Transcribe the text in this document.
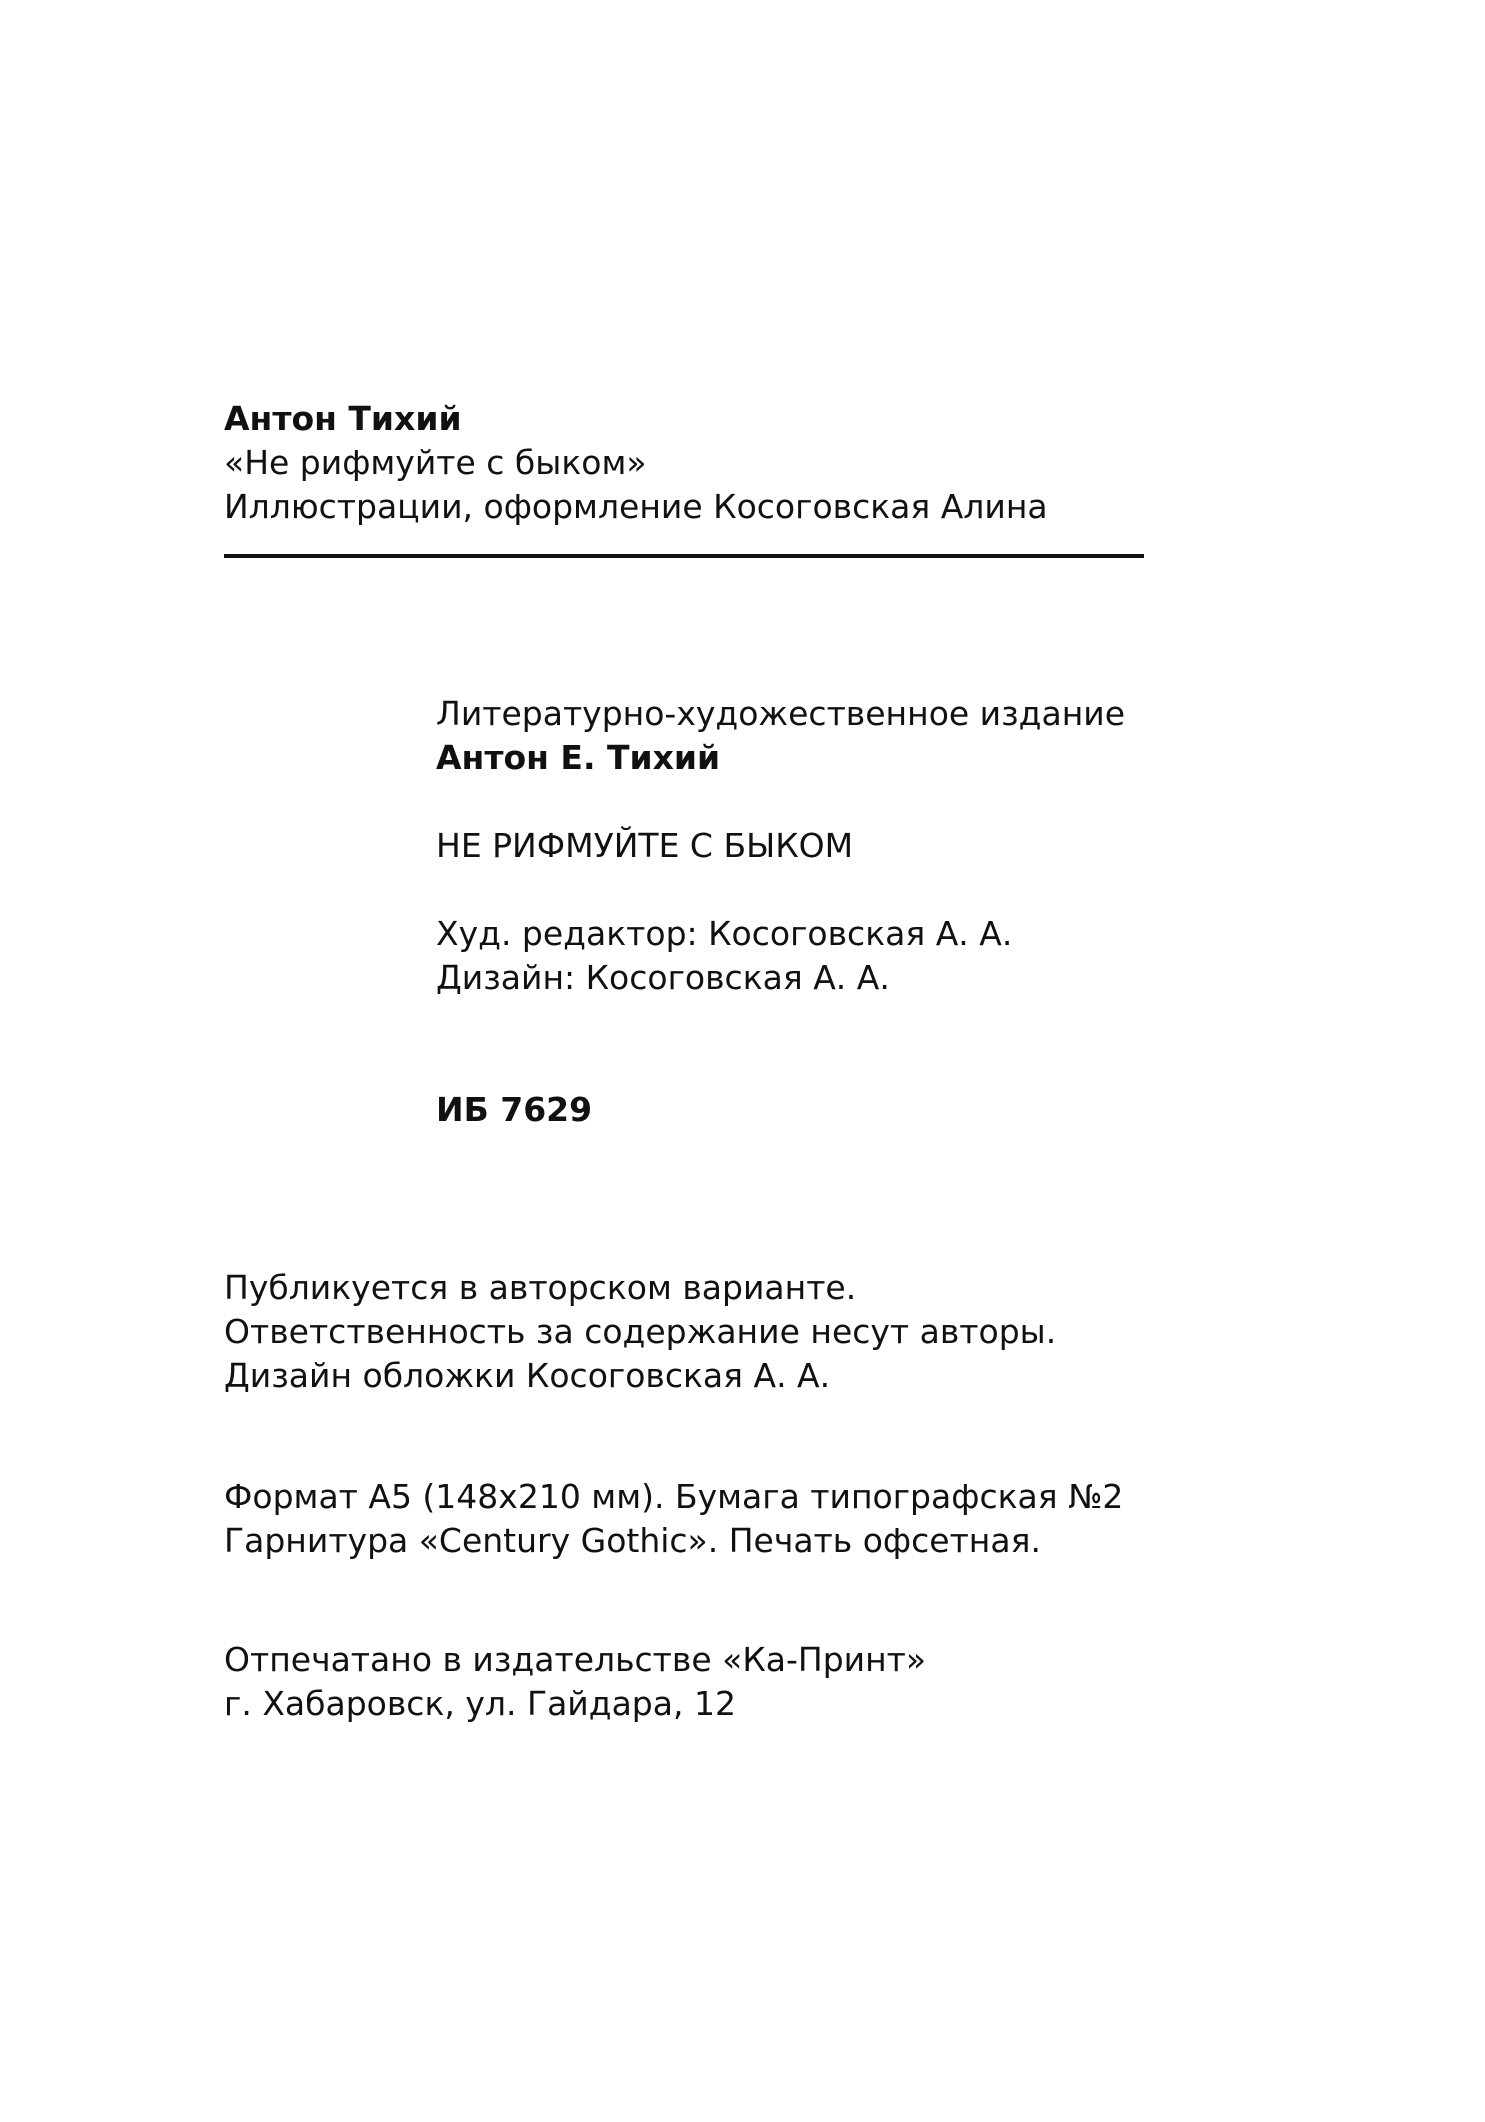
Антон Тихий
«Не рифмуйте с быком»
Иллюстрации, оформление Косоговская Алина
Литературно-художественное издание
Антон Е. Тихий
НЕ РИФМУЙТЕ С БЫКОМ
Худ. редактор: Косоговская А. А.
Дизайн: Косоговская А. А.
ИБ 7629
Публикуется в авторском варианте.
Ответственность за содержание несут авторы.
Дизайн обложки Косоговская А. А.
Формат А5 (148х210 мм). Бумага типографская №2
Гарнитура «Century Gothic». Печать офсетная.
Отпечатано в издательстве «Ка-Принт»
г. Хабаровск, ул. Гайдара, 12
